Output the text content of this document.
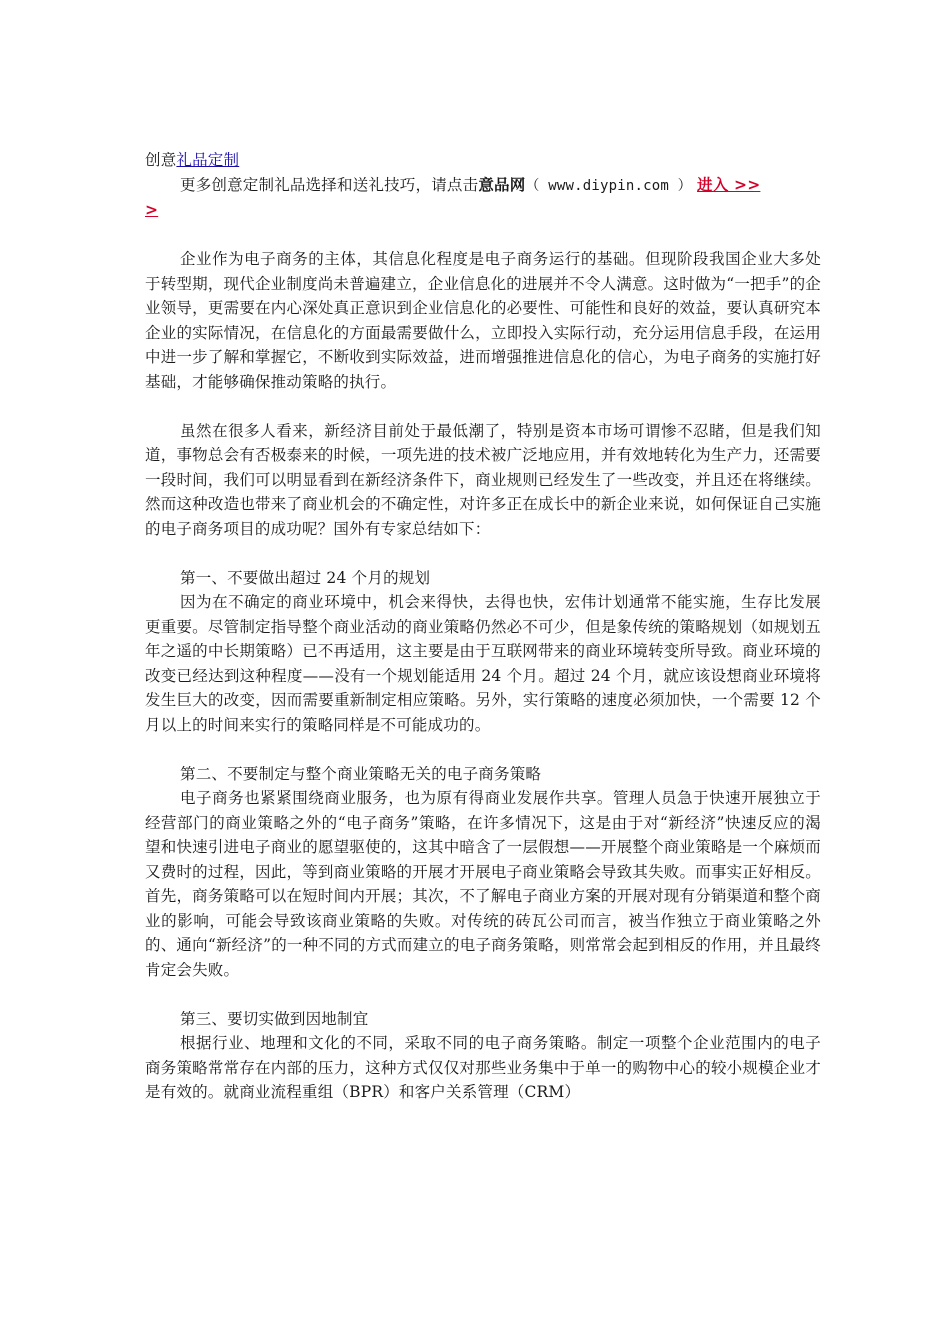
创意礼品定制
更多创意定制礼品选择和送礼技巧，请点击意品网（ www.diypin.com ） 进入 >>
>
企业作为电子商务的主体，其信息化程度是电子商务运行的基础。但现阶段我国企业大多处于转型期，现代企业制度尚未普遍建立，企业信息化的进展并不令人满意。这时做为“一把手”的企业领导，更需要在内心深处真正意识到企业信息化的必要性、可能性和良好的效益，要认真研究本企业的实际情况，在信息化的方面最需要做什么，立即投入实际行动，充分运用信息手段，在运用中进一步了解和掌握它，不断收到实际效益，进而增强推进信息化的信心，为电子商务的实施打好基础，才能够确保推动策略的执行。
虽然在很多人看来，新经济目前处于最低潮了，特别是资本市场可谓惨不忍睹，但是我们知道，事物总会有否极泰来的时候，一项先进的技术被广泛地应用，并有效地转化为生产力，还需要一段时间，我们可以明显看到在新经济条件下，商业规则已经发生了一些改变，并且还在将继续。然而这种改造也带来了商业机会的不确定性，对许多正在成长中的新企业来说，如何保证自己实施的电子商务项目的成功呢？国外有专家总结如下：
第一、不要做出超过 24 个月的规划
因为在不确定的商业环境中，机会来得快，去得也快，宏伟计划通常不能实施，生存比发展更重要。尽管制定指导整个商业活动的商业策略仍然必不可少，但是象传统的策略规划（如规划五年之遥的中长期策略）已不再适用，这主要是由于互联网带来的商业环境转变所导致。商业环境的改变已经达到这种程度——没有一个规划能适用 24 个月。超过 24 个月，就应该设想商业环境将发生巨大的改变，因而需要重新制定相应策略。另外，实行策略的速度必须加快，一个需要 12 个月以上的时间来实行的策略同样是不可能成功的。
第二、不要制定与整个商业策略无关的电子商务策略
电子商务也紧紧围绕商业服务，也为原有得商业发展作共享。管理人员急于快速开展独立于经营部门的商业策略之外的“电子商务”策略，在许多情况下，这是由于对“新经济”快速反应的渴望和快速引进电子商业的愿望驱使的，这其中暗含了一层假想——开展整个商业策略是一个麻烦而又费时的过程，因此，等到商业策略的开展才开展电子商业策略会导致其失败。而事实正好相反。首先，商务策略可以在短时间内开展；其次，不了解电子商业方案的开展对现有分销渠道和整个商业的影响，可能会导致该商业策略的失败。对传统的砖瓦公司而言，被当作独立于商业策略之外的、通向“新经济”的一种不同的方式而建立的电子商务策略，则常常会起到相反的作用，并且最终肯定会失败。
第三、要切实做到因地制宜
根据行业、地理和文化的不同，采取不同的电子商务策略。制定一项整个企业范围内的电子商务策略常常存在内部的压力，这种方式仅仅对那些业务集中于单一的购物中心的较小规模企业才是有效的。就商业流程重组（BPR）和客户关系管理（CRM）
